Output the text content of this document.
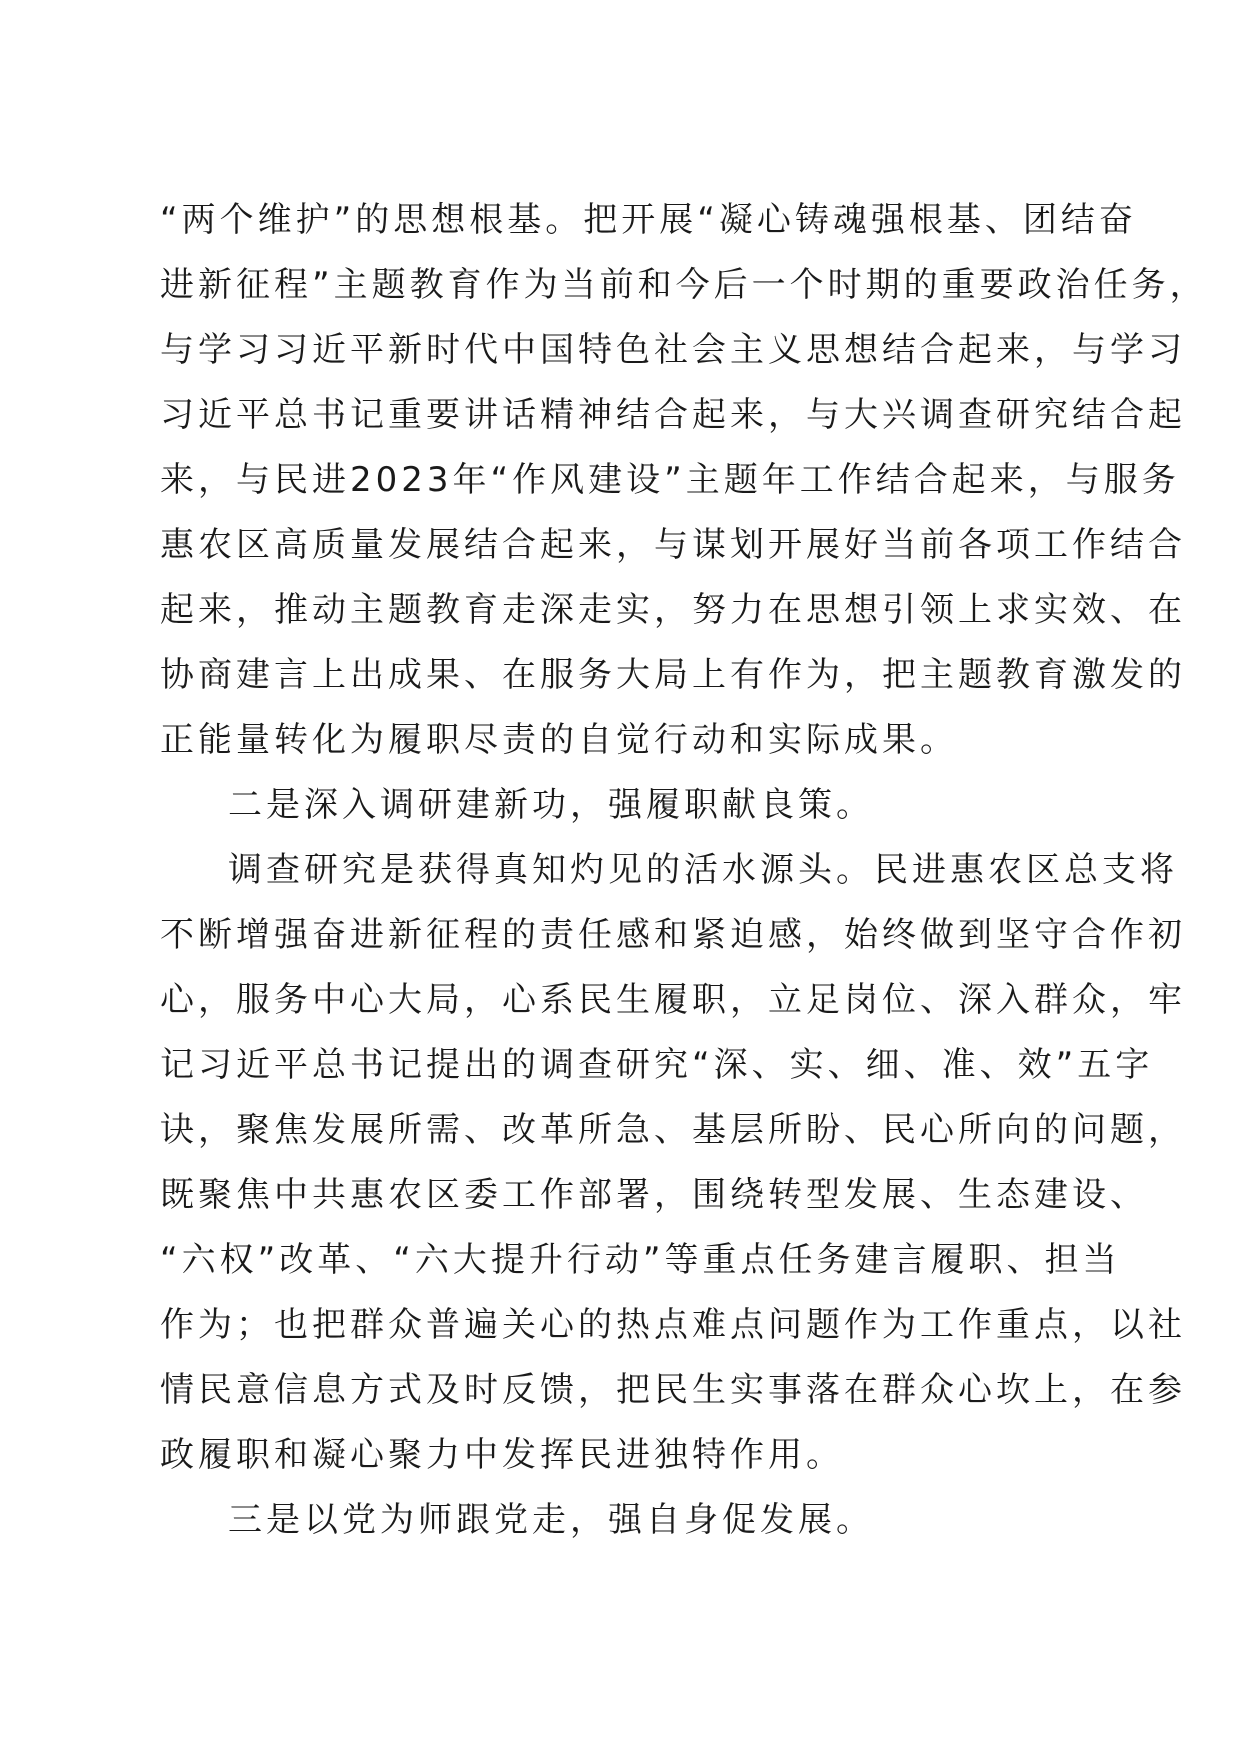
“两个维护”的思想根基。把开展“凝心铸魂强根基、团结奋
进新征程”主题教育作为当前和今后一个时期的重要政治任务，
与学习习近平新时代中国特色社会主义思想结合起来，与学习
习近平总书记重要讲话精神结合起来，与大兴调查研究结合起
来，与民进2023年“作风建设”主题年工作结合起来，与服务
惠农区高质量发展结合起来，与谋划开展好当前各项工作结合
起来，推动主题教育走深走实，努力在思想引领上求实效、在
协商建言上出成果、在服务大局上有作为，把主题教育激发的
正能量转化为履职尽责的自觉行动和实际成果。
二是深入调研建新功，强履职献良策。
调查研究是获得真知灼见的活水源头。民进惠农区总支将
不断增强奋进新征程的责任感和紧迫感，始终做到坚守合作初
心，服务中心大局，心系民生履职，立足岗位、深入群众，牢
记习近平总书记提出的调查研究“深、实、细、准、效”五字
诀，聚焦发展所需、改革所急、基层所盼、民心所向的问题，
既聚焦中共惠农区委工作部署，围绕转型发展、生态建设、
“六权”改革、“六大提升行动”等重点任务建言履职、担当
作为；也把群众普遍关心的热点难点问题作为工作重点，以社
情民意信息方式及时反馈，把民生实事落在群众心坎上，在参
政履职和凝心聚力中发挥民进独特作用。
三是以党为师跟党走，强自身促发展。
